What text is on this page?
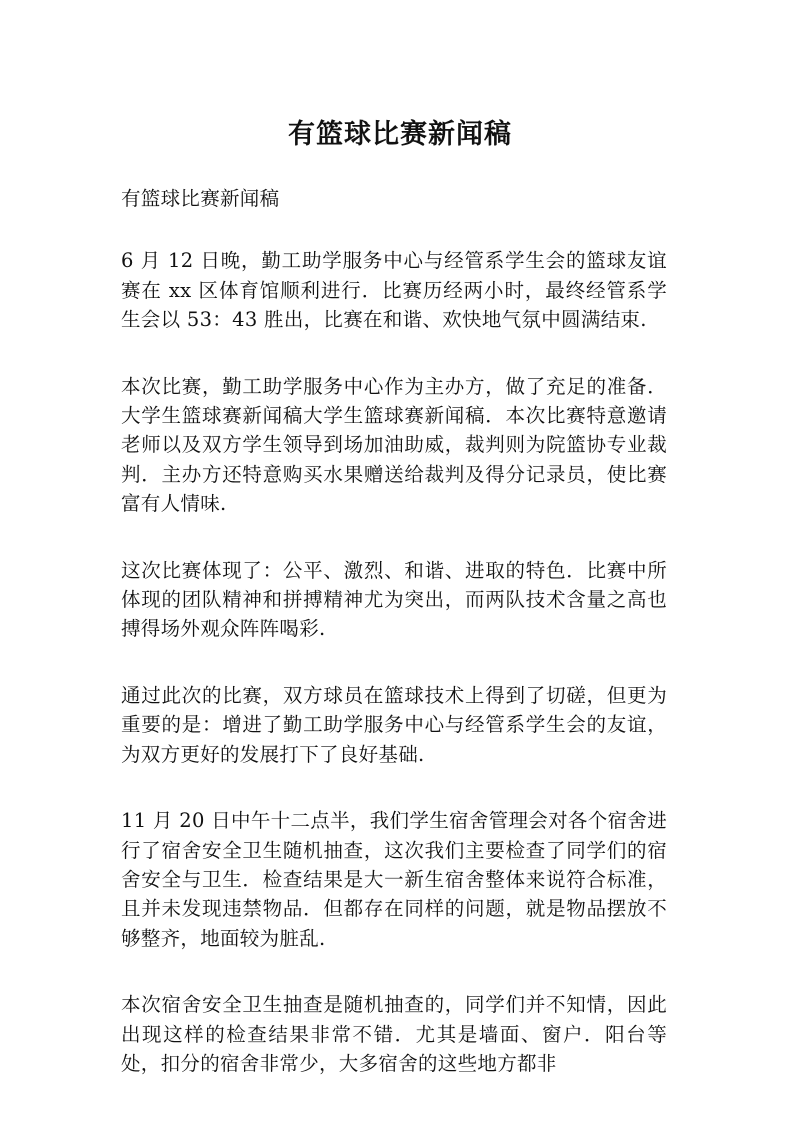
有篮球比赛新闻稿

有篮球比赛新闻稿

6 月 12 日晚，勤工助学服务中心与经管系学生会的篮球友谊赛在 xx 区体育馆顺利进行．比赛历经两小时，最终经管系学生会以 53：43 胜出，比赛在和谐、欢快地气氛中圆满结束.

本次比赛，勤工助学服务中心作为主办方，做了充足的准备．大学生篮球赛新闻稿大学生篮球赛新闻稿．本次比赛特意邀请老师以及双方学生领导到场加油助威，裁判则为院篮协专业裁判．主办方还特意购买水果赠送给裁判及得分记录员，使比赛富有人情味.

这次比赛体现了：公平、激烈、和谐、进取的特色．比赛中所体现的团队精神和拼搏精神尤为突出，而两队技术含量之高也搏得场外观众阵阵喝彩.

通过此次的比赛，双方球员在篮球技术上得到了切磋，但更为重要的是：增进了勤工助学服务中心与经管系学生会的友谊，为双方更好的发展打下了良好基础.

11 月 20 日中午十二点半，我们学生宿舍管理会对各个宿舍进行了宿舍安全卫生随机抽查，这次我们主要检查了同学们的宿舍安全与卫生．检查结果是大一新生宿舍整体来说符合标准，且并未发现违禁物品．但都存在同样的问题，就是物品摆放不够整齐，地面较为脏乱.

本次宿舍安全卫生抽查是随机抽查的，同学们并不知情，因此出现这样的检查结果非常不错．尤其是墙面、窗户．阳台等处，扣分的宿舍非常少，大多宿舍的这些地方都非
